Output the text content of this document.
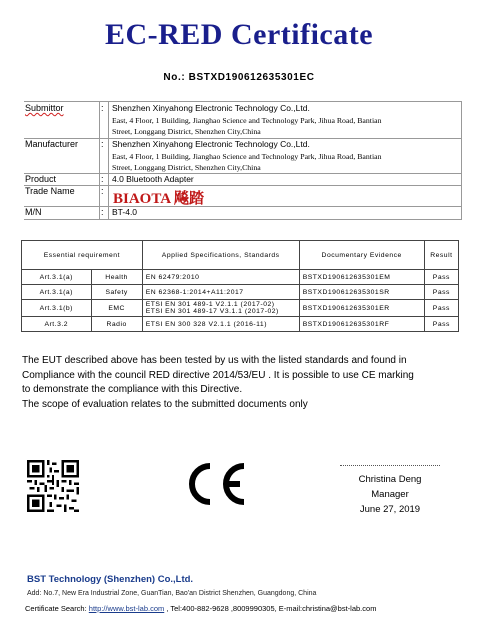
EC-RED Certificate
No.: BSTXD190612635301EC
Submittor	: Shenzhen Xinyahong Electronic Technology Co.,Ltd.
East, 4 Floor, 1 Building, Jianghao Science and Technology Park, Jihua Road, Bantian
Street, Longgang District, Shenzhen City,China
Manufacturer	: Shenzhen Xinyahong Electronic Technology Co.,Ltd.
East, 4 Floor, 1 Building, Jianghao Science and Technology Park, Jihua Road, Bantian
Street, Longgang District, Shenzhen City,China
Product	: 4.0 Bluetooth Adapter
Trade Name	: BIAOTA 飚踏
M/N	: BT-4.0
Essential requirement		Applied Specifications, Standards	Documentary Evidence	Result
Art.3.1(a)	Health	EN 62479:2010	BSTXD190612635301EM	Pass
Art.3.1(a)	Safety	EN 62368-1:2014+A11:2017	BSTXD190612635301SR	Pass
Art.3.1(b)	EMC	ETSI EN 301 489-1 V2.1.1 (2017-02)
ETSI EN 301 489-17 V3.1.1 (2017-02)	BSTXD190612635301ER	Pass
Art.3.2	Radio	ETSI EN 300 328 V2.1.1 (2016-11)	BSTXD190612635301RF	Pass

The EUT described above has been tested by us with the listed standards and found in

Compliance with the council RED directive 2014/53/EU . It is possible to use CE marking

to demonstrate the compliance with this Directive.

The scope of evaluation relates to the submitted documents only

Christina Deng
Manager
June 27, 2019
BST Technology (Shenzhen) Co.,Ltd.
Add: No.7, New Era Industrial Zone, GuanTian, Bao'an District Shenzhen, Guangdong, China
Certificate Search: http://www.bst-lab.com , Tel:400-882-9628 ,8009990305, E-mail:christina@bst-lab.com
